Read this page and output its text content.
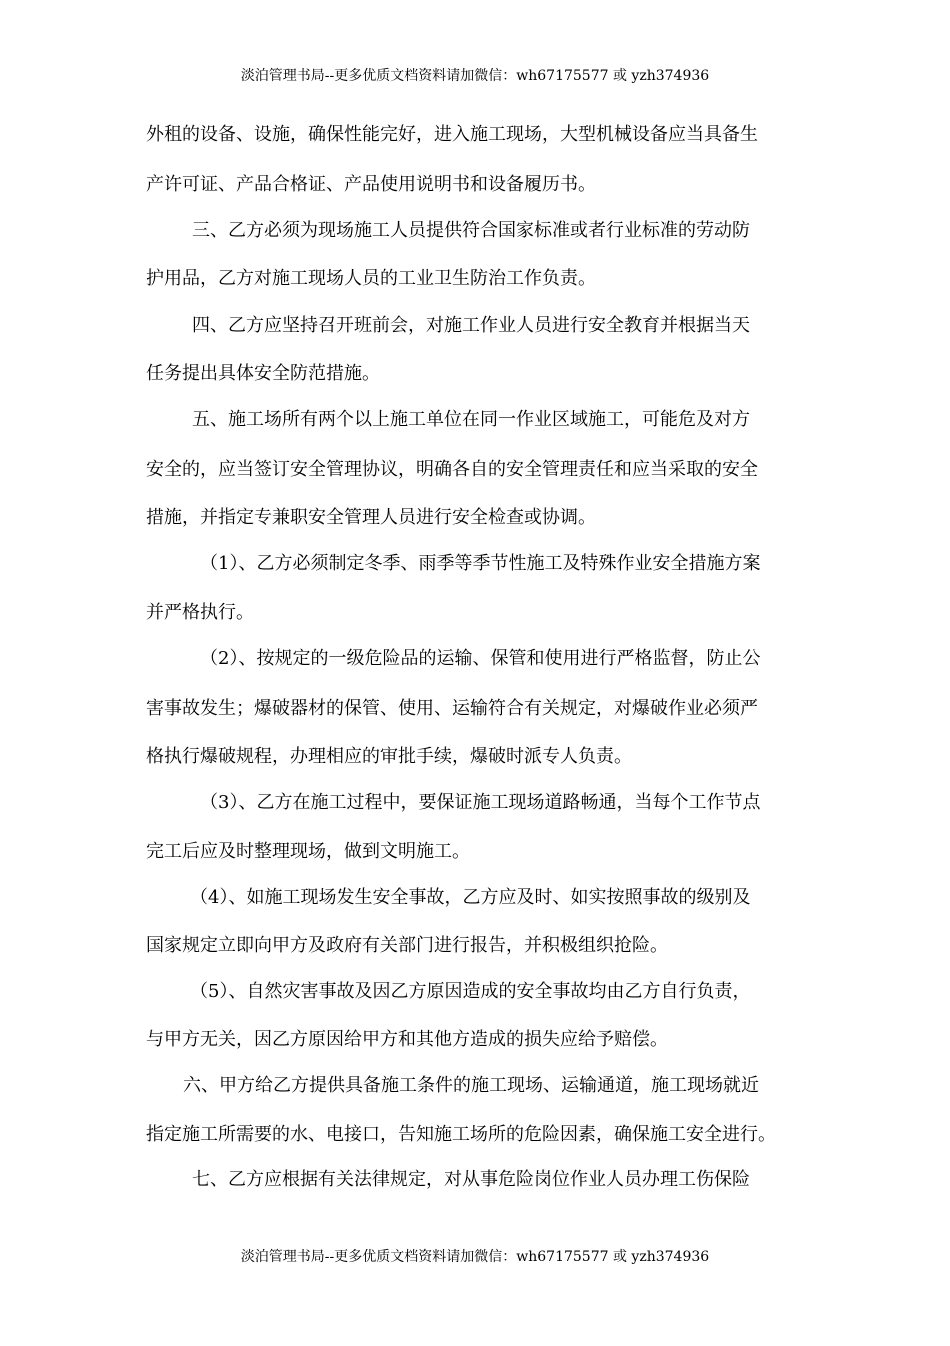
淡泊管理书局--更多优质文档资料请加微信：wh67175577 或 yzh374936

外租的设备、设施，确保性能完好，进入施工现场，大型机械设备应当具备生

产许可证、产品合格证、产品使用说明书和设备履历书。

三、乙方必须为现场施工人员提供符合国家标准或者行业标准的劳动防

护用品，乙方对施工现场人员的工业卫生防治工作负责。

四、乙方应坚持召开班前会，对施工作业人员进行安全教育并根据当天

任务提出具体安全防范措施。

五、施工场所有两个以上施工单位在同一作业区域施工，可能危及对方

安全的，应当签订安全管理协议，明确各自的安全管理责任和应当采取的安全

措施，并指定专兼职安全管理人员进行安全检查或协调。

（1）、乙方必须制定冬季、雨季等季节性施工及特殊作业安全措施方案

并严格执行。

（2）、按规定的一级危险品的运输、保管和使用进行严格监督，防止公

害事故发生；爆破器材的保管、使用、运输符合有关规定，对爆破作业必须严

格执行爆破规程，办理相应的审批手续，爆破时派专人负责。

（3）、乙方在施工过程中，要保证施工现场道路畅通，当每个工作节点

完工后应及时整理现场，做到文明施工。

（4）、如施工现场发生安全事故，乙方应及时、如实按照事故的级别及

国家规定立即向甲方及政府有关部门进行报告，并积极组织抢险。

（5）、自然灾害事故及因乙方原因造成的安全事故均由乙方自行负责，

与甲方无关，因乙方原因给甲方和其他方造成的损失应给予赔偿。

六、甲方给乙方提供具备施工条件的施工现场、运输通道，施工现场就近

指定施工所需要的水、电接口，告知施工场所的危险因素，确保施工安全进行。

七、乙方应根据有关法律规定，对从事危险岗位作业人员办理工伤保险

淡泊管理书局--更多优质文档资料请加微信：wh67175577 或 yzh374936
